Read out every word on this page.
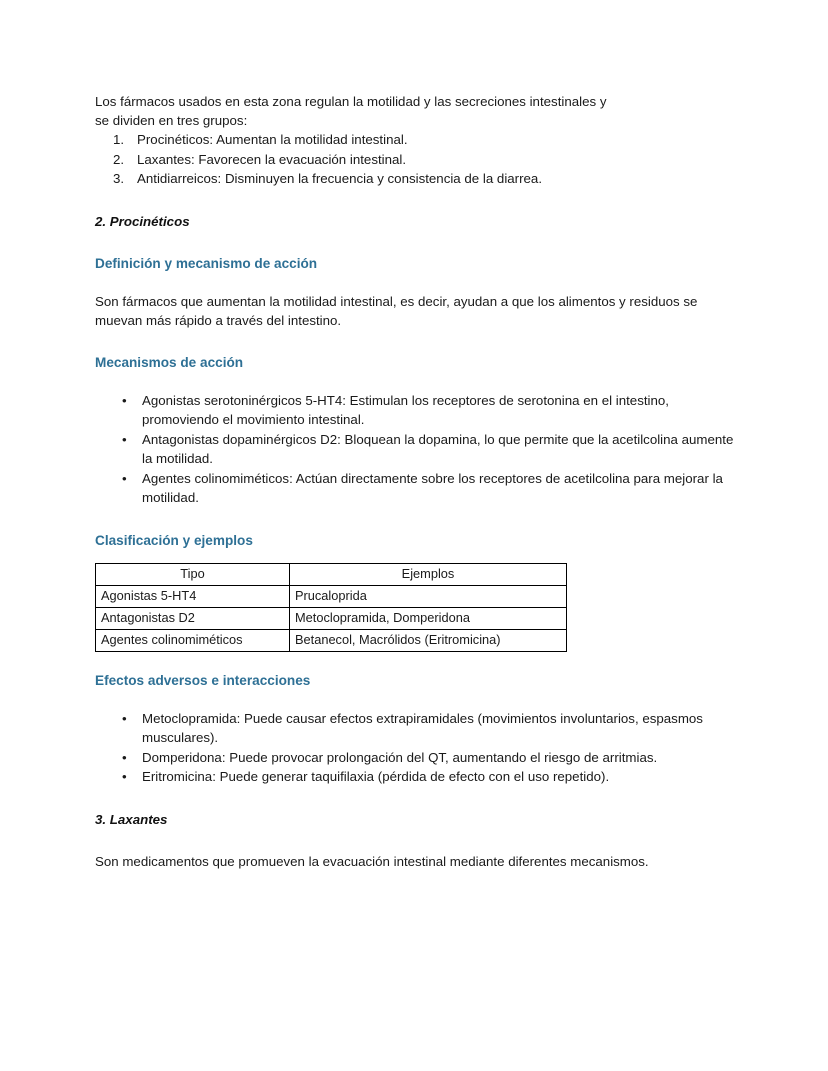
Los fármacos usados en esta zona regulan la motilidad y las secreciones intestinales y

se dividen en tres grupos:

1. Procinéticos: Aumentan la motilidad intestinal.
2. Laxantes: Favorecen la evacuación intestinal.
3. Antidiarreicos: Disminuyen la frecuencia y consistencia de la diarrea.

2. Procinéticos

Definición y mecanismo de acción

Son fármacos que aumentan la motilidad intestinal, es decir, ayudan a que los alimentos y residuos se muevan más rápido a través del intestino.

Mecanismos de acción

• Agonistas serotoninérgicos 5-HT4: Estimulan los receptores de serotonina en el intestino, promoviendo el movimiento intestinal.
• Antagonistas dopaminérgicos D2: Bloquean la dopamina, lo que permite que la acetilcolina aumente la motilidad.
• Agentes colinomiméticos: Actúan directamente sobre los receptores de acetilcolina para mejorar la motilidad.

Clasificación y ejemplos

Tipo	Ejemplos
Agonistas 5-HT4	Prucaloprida
Antagonistas D2	Metoclopramida, Domperidona
Agentes colinomiméticos	Betanecol, Macrólidos (Eritromicina)

Efectos adversos e interacciones

• Metoclopramida: Puede causar efectos extrapiramidales (movimientos involuntarios, espasmos musculares).
• Domperidona: Puede provocar prolongación del QT, aumentando el riesgo de arritmias.
• Eritromicina: Puede generar taquifilaxia (pérdida de efecto con el uso repetido).

3. Laxantes

Son medicamentos que promueven la evacuación intestinal mediante diferentes mecanismos.
